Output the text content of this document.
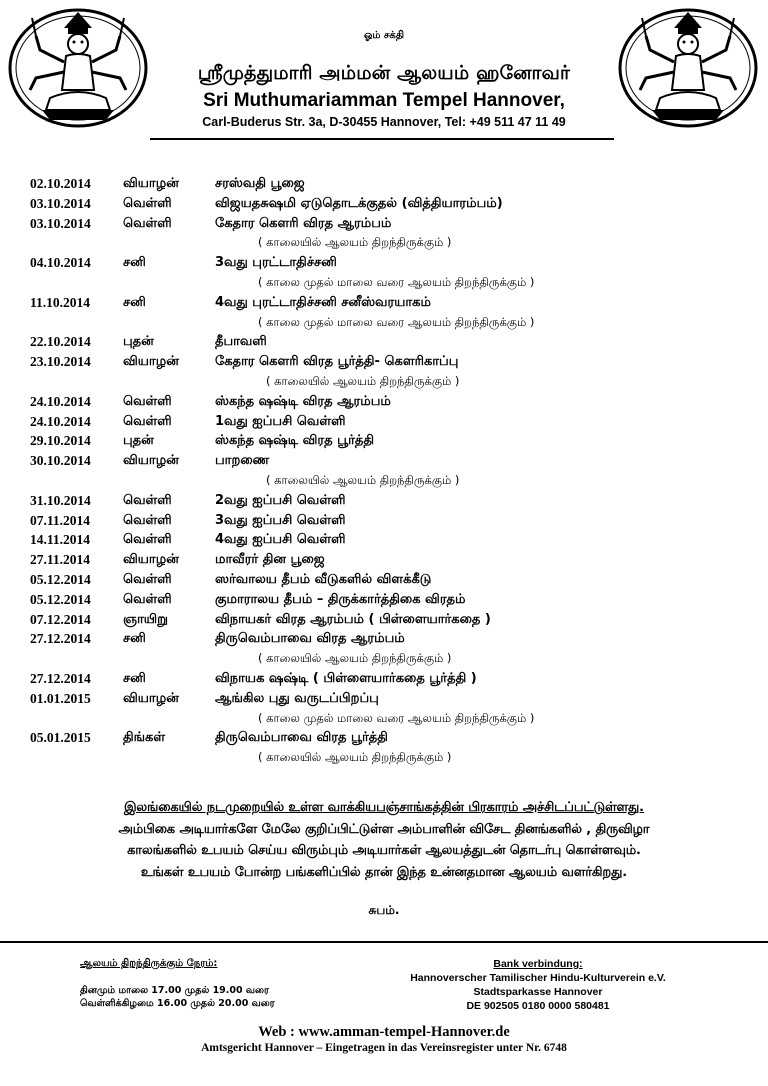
ஓம் சக்தி
ஸ்ரீமுத்துமாரி அம்மன் ஆலயம் ஹனோவர்
Sri Muthumariamman Tempel Hannover,
Carl-Buderus Str. 3a, D-30455 Hannover, Tel: +49 511 47 11 49
02.10.2014 வியாழன்	சரஸ்வதி பூஜை
03.10.2014 வெள்ளி	விஜயதசுஷமி ஏடுதொடக்குதல் (வித்தியாரம்பம்)
03.10.2014 வெள்ளி	கேதார கௌரி விரத ஆரம்பம்
( காலையில் ஆலயம் திறந்திருக்கும் )
04.10.2014 சனி	3வது புரட்டாதிச்சனி
( காலை முதல் மாலை வரை ஆலயம் திறந்திருக்கும் )
11.10.2014	சனி	4வது புரட்டாதிச்சனி சனீஸ்வரயாகம்
( காலை முதல் மாலை வரை ஆலயம் திறந்திருக்கும் )
22.10.2014 புதன்	தீபாவளி
23.10.2014 வியாழன்	கேதார கௌரி விரத பூர்த்தி- கௌரிகாப்பு
( காலையில் ஆலயம் திறந்திருக்கும் )
24.10.2014 வெள்ளி	ஸ்கந்த ஷஷ்டி விரத ஆரம்பம்
24.10.2014 வெள்ளி	1வது ஐப்பசி வெள்ளி
29.10.2014 புதன்	ஸ்கந்த ஷஷ்டி விரத பூர்த்தி
30.10.2014 வியாழன்	பாறணை
( காலையில் ஆலயம் திறந்திருக்கும் )
31.10.2014 வெள்ளி	2வது ஐப்பசி வெள்ளி
07.11.2014	வெள்ளி	3வது ஐப்பசி வெள்ளி
14.11.2014	வெள்ளி	4வது ஐப்பசி வெள்ளி
27.11.2014	வியாழன்	மாவீரர் தின பூஜை
05.12.2014 வெள்ளி	ஸர்வாலய தீபம் வீடுகளில் விளக்கீடு
05.12.2014 வெள்ளி	குமாராலய தீபம் – திருக்கார்த்திகை விரதம்
07.12.2014 ஞாயிறு	விநாயகர் விரத ஆரம்பம் ( பிள்ளையார்கதை )
27.12.2014 சனி	திருவெம்பாவை விரத ஆரம்பம்
( காலையில் ஆலயம் திறந்திருக்கும் )
27.12.2014 சனி	விநாயக ஷஷ்டி ( பிள்ளையார்கதை பூர்த்தி )
01.01.2015 வியாழன்	ஆங்கில புது வருடப்பிறப்பு
( காலை முதல் மாலை வரை ஆலயம் திறந்திருக்கும் )
05.01.2015 திங்கள்	திருவெம்பாவை விரத பூர்த்தி
( காலையில் ஆலயம் திறந்திருக்கும் )
இலங்கையில் நடமுறையில் உள்ள வாக்கியபஞ்சாங்கத்தின் பிரகாரம் அச்சிடப்பட்டுள்ளது.
அம்பிகை அடியார்களே மேலே குறிப்பிட்டுள்ள அம்பாளின் விசேட தினங்களில் , திருவிழா
காலங்களில் உபயம் செய்ய விரும்பும் அடியார்கள் ஆலயத்துடன் தொடர்பு கொள்ளவும்.
உங்கள் உபயம் போன்ற பங்களிப்பில் தான் இந்த உன்னதமான ஆலயம் வளர்கிறது.
சுபம்.
ஆலயம் திறந்திருக்கும் நேரம்:
தினமும் மாலை 17.00 முதல் 19.00 வரை
வெள்ளிக்கிழமை 16.00 முதல் 20.00 வரை
Bank verbindung:
Hannoverscher Tamilischer Hindu-Kulturverein e.V.
Stadtsparkasse Hannover
DE 902505 0180 0000 580481
Web : www.amman-tempel-Hannover.de
Amtsgericht Hannover – Eingetragen in das Vereinsregister unter Nr. 6748
